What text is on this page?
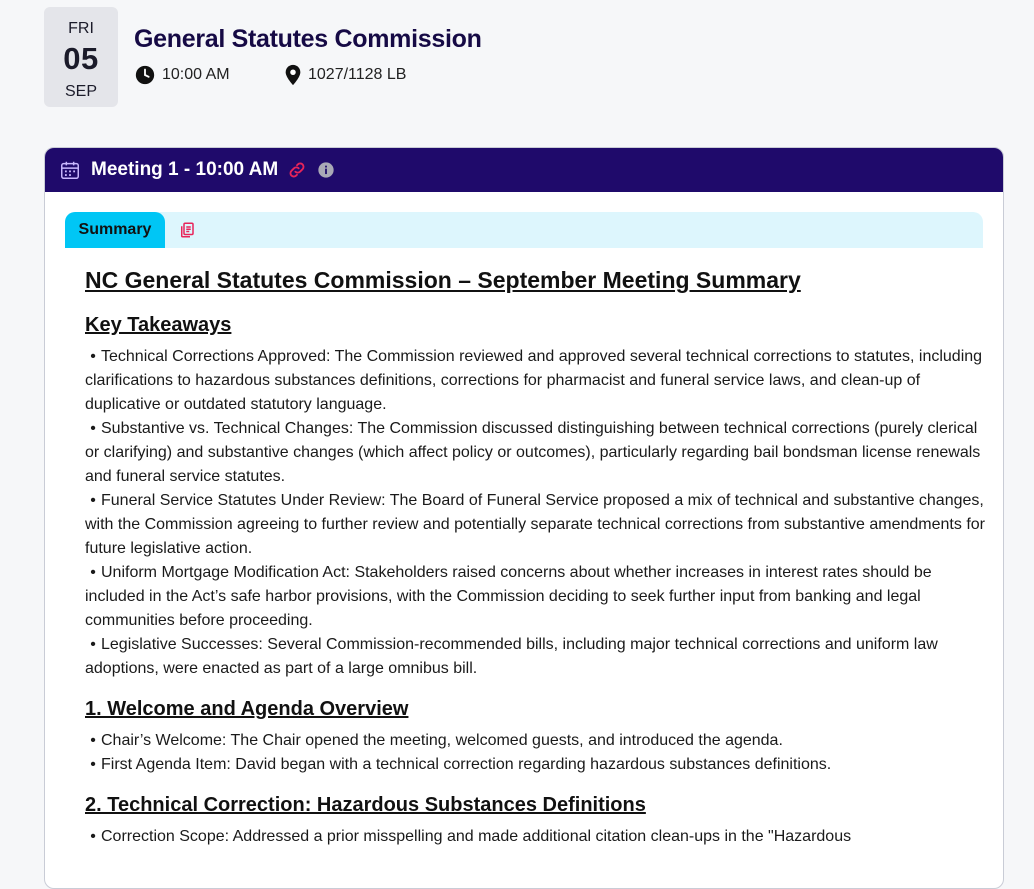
FRI
05
SEP
General Statutes Commission
10:00 AM	1027/1128 LB
Meeting 1 - 10:00 AM
Summary
NC General Statutes Commission – September Meeting Summary
Key Takeaways
• Technical Corrections Approved: The Commission reviewed and approved several technical corrections to statutes, including clarifications to hazardous substances definitions, corrections for pharmacist and funeral service laws, and clean-up of duplicative or outdated statutory language.
• Substantive vs. Technical Changes: The Commission discussed distinguishing between technical corrections (purely clerical or clarifying) and substantive changes (which affect policy or outcomes), particularly regarding bail bondsman license renewals and funeral service statutes.
• Funeral Service Statutes Under Review: The Board of Funeral Service proposed a mix of technical and substantive changes, with the Commission agreeing to further review and potentially separate technical corrections from substantive amendments for future legislative action.
• Uniform Mortgage Modification Act: Stakeholders raised concerns about whether increases in interest rates should be included in the Act’s safe harbor provisions, with the Commission deciding to seek further input from banking and legal communities before proceeding.
• Legislative Successes: Several Commission-recommended bills, including major technical corrections and uniform law adoptions, were enacted as part of a large omnibus bill.
1. Welcome and Agenda Overview
• Chair’s Welcome: The Chair opened the meeting, welcomed guests, and introduced the agenda.
• First Agenda Item: David began with a technical correction regarding hazardous substances definitions.
2. Technical Correction: Hazardous Substances Definitions
• Correction Scope: Addressed a prior misspelling and made additional citation clean-ups in the "Hazardous
